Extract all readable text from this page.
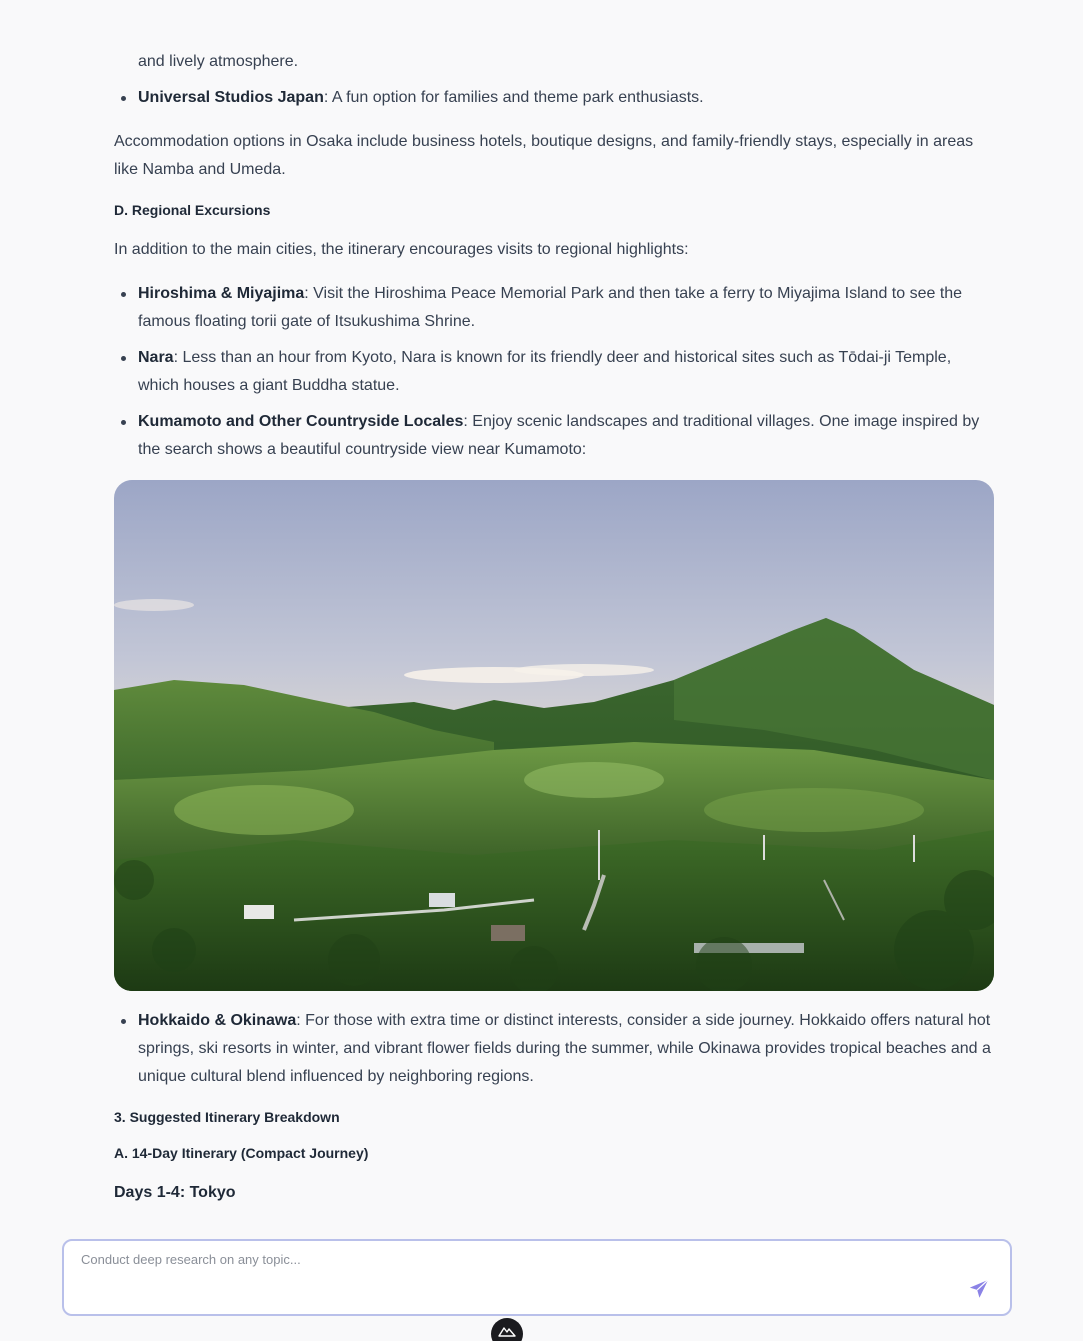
and lively atmosphere.

Universal Studios Japan: A fun option for families and theme park enthusiasts.

Accommodation options in Osaka include business hotels, boutique designs, and family-friendly stays, especially in areas like Namba and Umeda.

D. Regional Excursions

In addition to the main cities, the itinerary encourages visits to regional highlights:

Hiroshima & Miyajima: Visit the Hiroshima Peace Memorial Park and then take a ferry to Miyajima Island to see the famous floating torii gate of Itsukushima Shrine.
Nara: Less than an hour from Kyoto, Nara is known for its friendly deer and historical sites such as Tōdai-ji Temple, which houses a giant Buddha statue.
Kumamoto and Other Countryside Locales: Enjoy scenic landscapes and traditional villages. One image inspired by the search shows a beautiful countryside view near Kumamoto:
Hokkaido & Okinawa: For those with extra time or distinct interests, consider a side journey. Hokkaido offers natural hot springs, ski resorts in winter, and vibrant flower fields during the summer, while Okinawa provides tropical beaches and a unique cultural blend influenced by neighboring regions.
3. Suggested Itinerary Breakdown
A. 14-Day Itinerary (Compact Journey)
Days 1-4: Tokyo
Conduct deep research on any topic...
